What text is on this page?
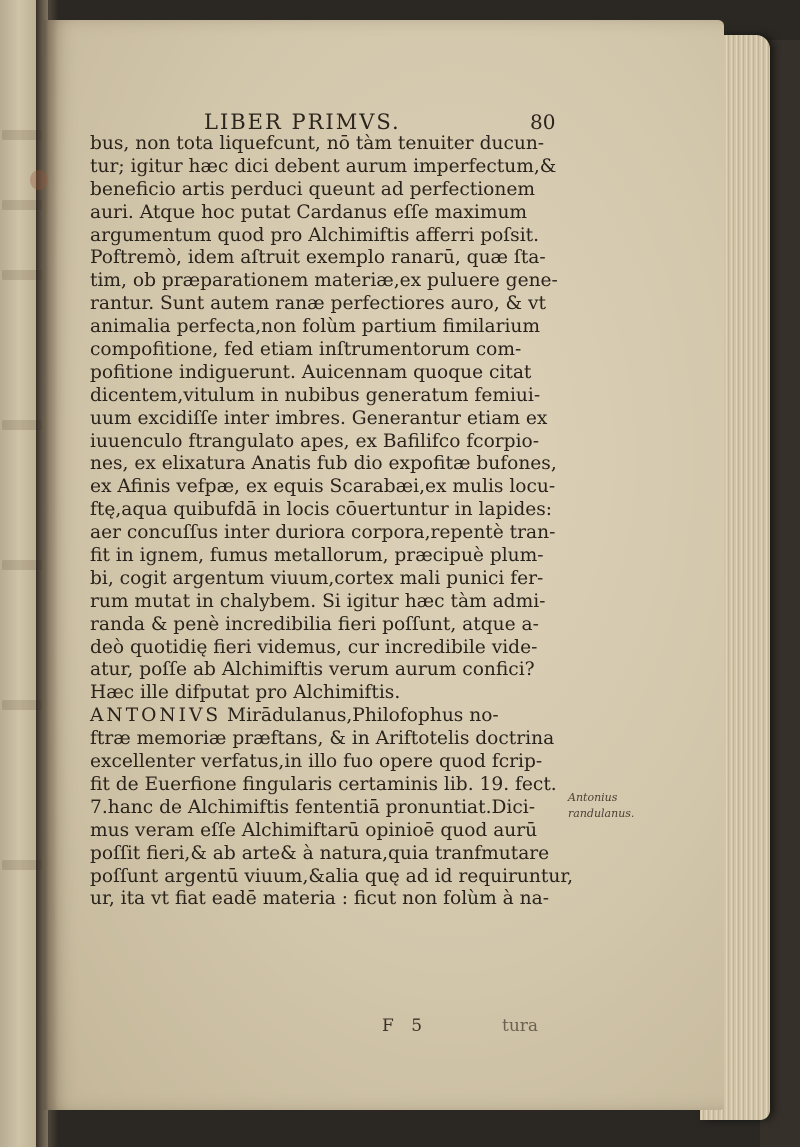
LIBER PRIMVS.	80
bus, non tota liquefcunt, nō tàm tenuiter ducun-
tur; igitur hæc dici debent aurum imperfectum,&
beneficio artis perduci queunt ad perfectionem
auri. Atque hoc putat Cardanus eſſe maximum
argumentum quod pro Alchimiftis afferri poſsit.
Poftremò, idem aſtruit exemplo ranarū, quæ ſta-
tim, ob præparationem materiæ,ex puluere gene-
rantur. Sunt autem ranæ perfectiores auro, & vt
animalia perfecta,non folùm partium fimilarium
compofitione, fed etiam inſtrumentorum com-
pofitione indiguerunt. Auicennam quoque citat
dicentem,vitulum in nubibus generatum femiui-
uum excidiſſe inter imbres. Generantur etiam ex
iuuenculo ftrangulato apes, ex Bafilifco fcorpio-
nes, ex elixatura Anatis fub dio expofitæ bufones,
ex Afinis vefpæ, ex equis Scarabæi,ex mulis locu-
ftę,aqua quibufdā in locis cōuertuntur in lapides:
aer concuſſus inter duriora corpora,repentè tran-
fit in ignem, fumus metallorum, præcipuè plum-
bi, cogit argentum viuum,cortex mali punici fer-
rum mutat in chalybem. Si igitur hæc tàm admi-
randa & penè incredibilia fieri poſſunt, atque a-
deò quotidię fieri videmus, cur incredibile vide-
atur, poſſe ab Alchimiftis verum aurum confici?
Hæc ille difputat pro Alchimiftis.
ANTONIVS Mirādulanus,Philofophus no-
ftræ memoriæ præftans, & in Ariftotelis doctrina
excellenter verfatus,in illo fuo opere quod fcrip-
fit de Euerfione fingularis certaminis lib. 19. fect.
7.hanc de Alchimiftis fententiā pronuntiat.Dici-
mus veram eſſe Alchimiftarū opinioē quod aurū
poſſit fieri,& ab arte& à natura,quia tranfmutare
poſſunt argentū viuum,&alia quę ad id requiruntur,
ur, ita vt fiat eadē materia : ficut non folùm à na-
Antonius
randulanus.
F 5	tura
